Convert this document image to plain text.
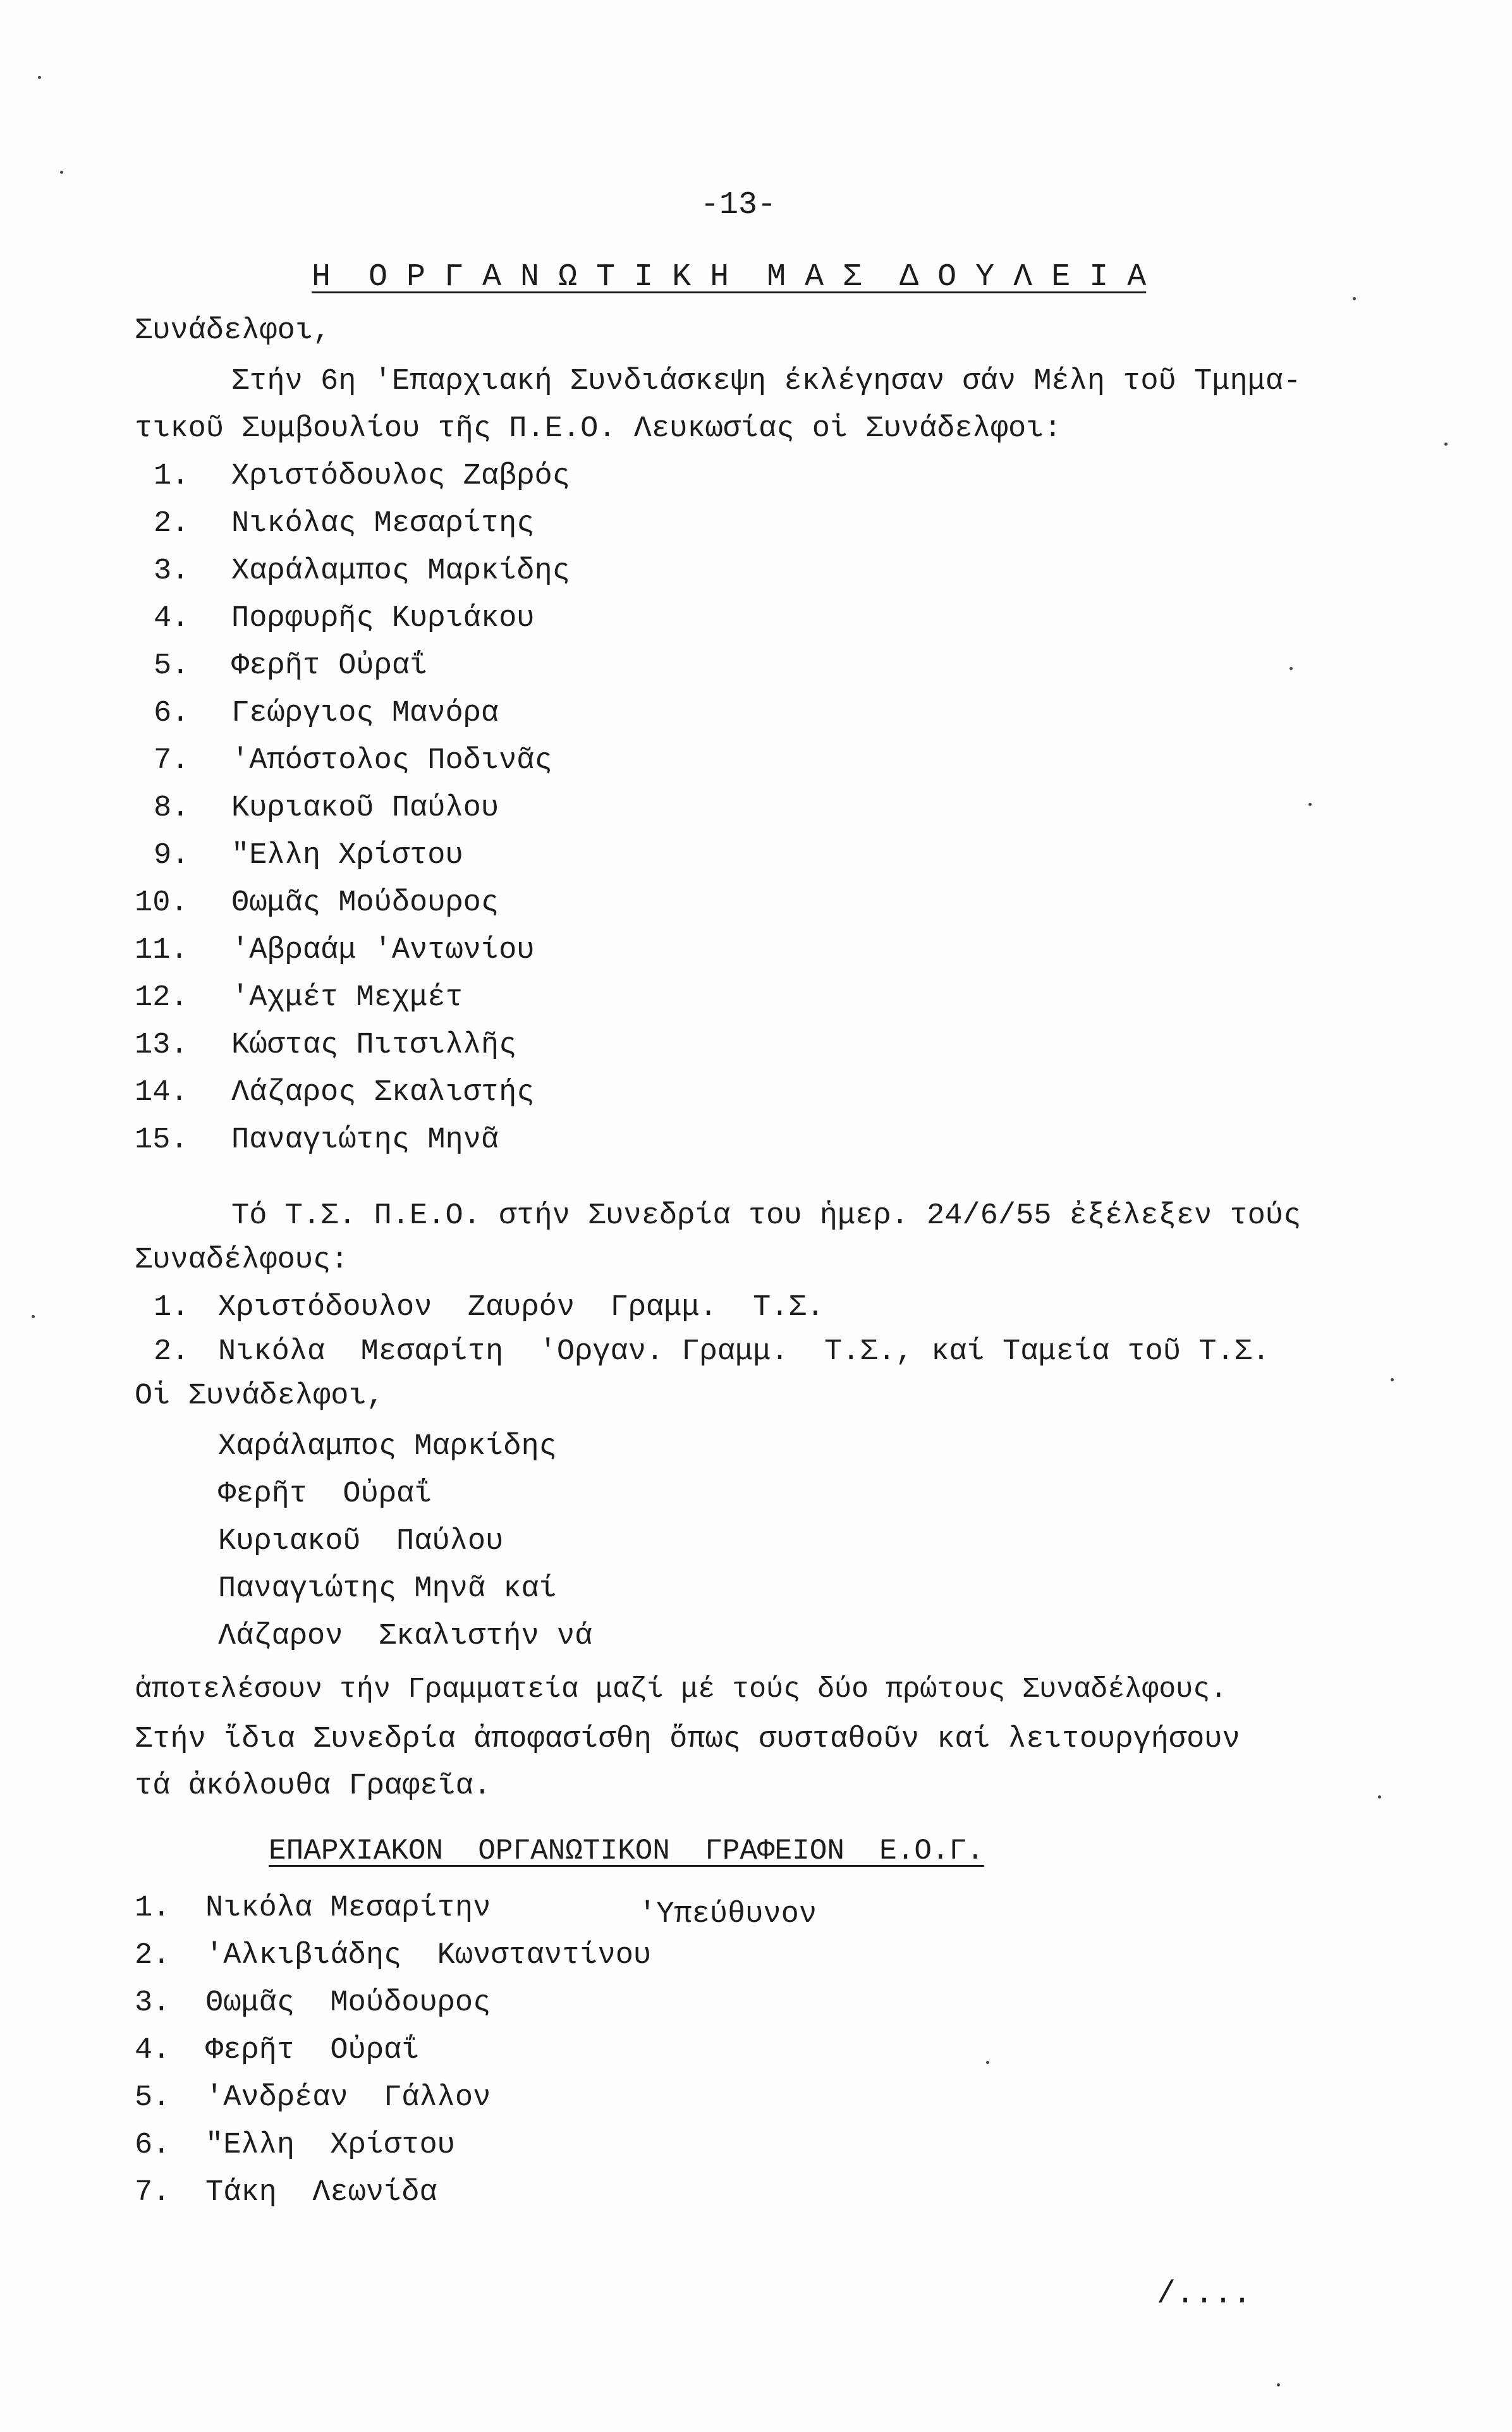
-13-
Η  Ο Ρ Γ Α Ν Ω Τ Ι Κ Η  Μ Α Σ  Δ Ο Υ Λ Ε Ι Α
Συνάδελφοι,
Στήν 6η 'Επαρχιακή Συνδιάσκεψη έκλέγησαν σάν Μέλη τοῦ Τμημα-
τικοῦ Συμβουλίου τῆς Π.Ε.Ο. Λευκωσίας οἱ Συνάδελφοι:
1. Χριστόδουλος Ζαβρός
2. Νικόλας Μεσαρίτης
3. Χαράλαμπος Μαρκίδης
4. Πορφυρῆς Κυριάκου
5. Φερῆτ Οὐραΐ
6. Γεώργιος Μανόρα
7. 'Απόστολος Ποδινᾶς
8. Κυριακοῦ Παύλου
9. "Ελλη Χρίστου
10. Θωμᾶς Μούδουρος
11. 'Αβραάμ 'Αντωνίου
12. 'Αχμέτ Μεχμέτ
13. Κώστας Πιτσιλλῆς
14. Λάζαρος Σκαλιστής
15. Παναγιώτης Μηνᾶ
Τό Τ.Σ. Π.Ε.Ο. στήν Συνεδρία του ἡμερ. 24/6/55 ἐξέλεξεν τούς
Συναδέλφους:
1. Χριστόδουλον  Ζαυρόν  Γραμμ.  Τ.Σ.
2. Νικόλα  Μεσαρίτη  'Οργαν. Γραμμ.  Τ.Σ., καί Ταμεία τοῦ Τ.Σ.
Οἱ Συνάδελφοι,
Χαράλαμπος Μαρκίδης
Φερῆτ  Οὐραΐ
Κυριακοῦ  Παύλου
Παναγιώτης Μηνᾶ καί
Λάζαρον  Σκαλιστήν νά
ἀποτελέσουν τήν Γραμματεία μαζί μέ τούς δύο πρώτους Συναδέλφους.
Στήν ἴδια Συνεδρία ἀποφασίσθη ὅπως συσταθοῦν καί λειτουργήσουν
τά ἀκόλουθα Γραφεῖα.
ΕΠΑΡΧΙΑΚΟΝ  ΟΡΓΑΝΩΤΙΚΟΝ  ΓΡΑΦΕΙΟΝ  Ε.Ο.Γ.
1. Νικόλα Μεσαρίτην	'Υπεύθυνον
2. 'Αλκιβιάδης  Κωνσταντίνου
3. Θωμᾶς  Μούδουρος
4. Φερῆτ  Οὐραΐ
5. 'Ανδρέαν  Γάλλον
6. "Ελλη  Χρίστου
7. Τάκη  Λεωνίδα
/....
